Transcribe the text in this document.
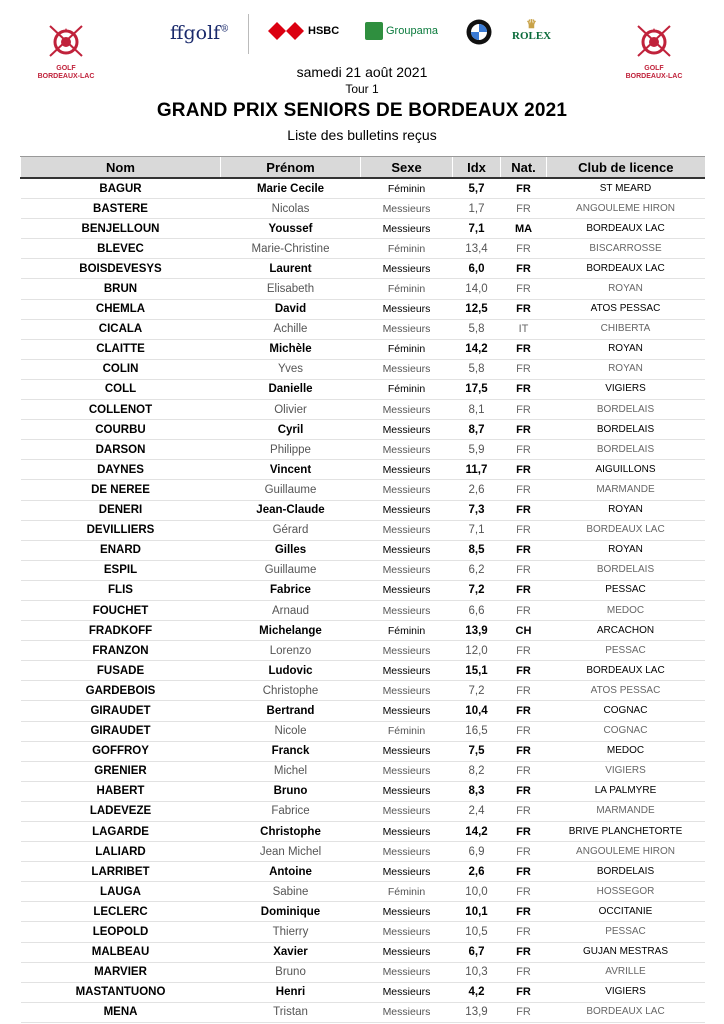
GOLF
BORDEAUX-LAC
ffgolf®	HSBC	Groupama	♛
ROLEX
GOLF
BORDEAUX-LAC
samedi 21 août 2021
Tour 1
GRAND PRIX SENIORS DE BORDEAUX 2021
Liste des bulletins reçus
Nom	Prénom	Sexe	Idx	Nat.	Club de licence
BAGUR	Marie Cecile	Féminin	5,7	FR	ST MEARD
BASTERE	Nicolas	Messieurs	1,7	FR	ANGOULEME HIRON
BENJELLOUN	Youssef	Messieurs	7,1	MA	BORDEAUX LAC
BLEVEC	Marie-Christine	Féminin	13,4	FR	BISCARROSSE
BOISDEVESYS	Laurent	Messieurs	6,0	FR	BORDEAUX LAC
BRUN	Elisabeth	Féminin	14,0	FR	ROYAN
CHEMLA	David	Messieurs	12,5	FR	ATOS PESSAC
CICALA	Achille	Messieurs	5,8	IT	CHIBERTA
CLAITTE	Michèle	Féminin	14,2	FR	ROYAN
COLIN	Yves	Messieurs	5,8	FR	ROYAN
COLL	Danielle	Féminin	17,5	FR	VIGIERS
COLLENOT	Olivier	Messieurs	8,1	FR	BORDELAIS
COURBU	Cyril	Messieurs	8,7	FR	BORDELAIS
DARSON	Philippe	Messieurs	5,9	FR	BORDELAIS
DAYNES	Vincent	Messieurs	11,7	FR	AIGUILLONS
DE NEREE	Guillaume	Messieurs	2,6	FR	MARMANDE
DENERI	Jean-Claude	Messieurs	7,3	FR	ROYAN
DEVILLIERS	Gérard	Messieurs	7,1	FR	BORDEAUX LAC
ENARD	Gilles	Messieurs	8,5	FR	ROYAN
ESPIL	Guillaume	Messieurs	6,2	FR	BORDELAIS
FLIS	Fabrice	Messieurs	7,2	FR	PESSAC
FOUCHET	Arnaud	Messieurs	6,6	FR	MEDOC
FRADKOFF	Michelange	Féminin	13,9	CH	ARCACHON
FRANZON	Lorenzo	Messieurs	12,0	FR	PESSAC
FUSADE	Ludovic	Messieurs	15,1	FR	BORDEAUX LAC
GARDEBOIS	Christophe	Messieurs	7,2	FR	ATOS PESSAC
GIRAUDET	Bertrand	Messieurs	10,4	FR	COGNAC
GIRAUDET	Nicole	Féminin	16,5	FR	COGNAC
GOFFROY	Franck	Messieurs	7,5	FR	MEDOC
GRENIER	Michel	Messieurs	8,2	FR	VIGIERS
HABERT	Bruno	Messieurs	8,3	FR	LA PALMYRE
LADEVEZE	Fabrice	Messieurs	2,4	FR	MARMANDE
LAGARDE	Christophe	Messieurs	14,2	FR	BRIVE PLANCHETORTE
LALIARD	Jean Michel	Messieurs	6,9	FR	ANGOULEME HIRON
LARRIBET	Antoine	Messieurs	2,6	FR	BORDELAIS
LAUGA	Sabine	Féminin	10,0	FR	HOSSEGOR
LECLERC	Dominique	Messieurs	10,1	FR	OCCITANIE
LEOPOLD	Thierry	Messieurs	10,5	FR	PESSAC
MALBEAU	Xavier	Messieurs	6,7	FR	GUJAN MESTRAS
MARVIER	Bruno	Messieurs	10,3	FR	AVRILLE
MASTANTUONO	Henri	Messieurs	4,2	FR	VIGIERS
MENA	Tristan	Messieurs	13,9	FR	BORDEAUX LAC
